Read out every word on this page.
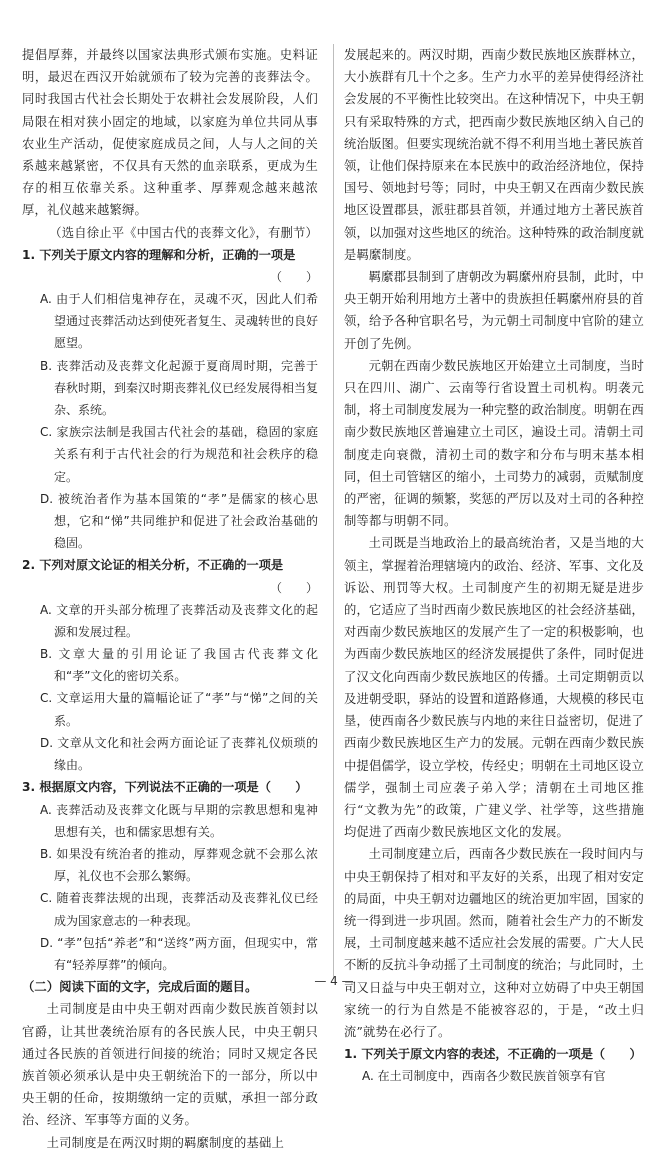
提倡厚葬，并最终以国家法典形式颁布实施。史料证明，最迟在西汉开始就颁布了较为完善的丧葬法令。同时我国古代社会长期处于农耕社会发展阶段，人们局限在相对狭小固定的地域，以家庭为单位共同从事农业生产活动，促使家庭成员之间，人与人之间的关系越来越紧密，不仅具有天然的血亲联系，更成为生存的相互依靠关系。这种重孝、厚葬观念越来越浓厚，礼仪越来越繁缛。

（选自徐止平《中国古代的丧葬文化》，有删节）

1. 下列关于原文内容的理解和分析，正确的一项是

（　　）

A. 由于人们相信鬼神存在，灵魂不灭，因此人们希望通过丧葬活动达到使死者复生、灵魂转世的良好愿望。

B. 丧葬活动及丧葬文化起源于夏商周时期，完善于春秋时期，到秦汉时期丧葬礼仪已经发展得相当复杂、系统。

C. 家族宗法制是我国古代社会的基础，稳固的家庭关系有利于古代社会的行为规范和社会秩序的稳定。

D. 被统治者作为基本国策的“孝”是儒家的核心思想，它和“悌”共同维护和促进了社会政治基础的稳固。

2. 下列对原文论证的相关分析，不正确的一项是

（　　）

A. 文章的开头部分梳理了丧葬活动及丧葬文化的起源和发展过程。

B. 文章大量的引用论证了我国古代丧葬文化和“孝”文化的密切关系。

C. 文章运用大量的篇幅论证了“孝”与“悌”之间的关系。

D. 文章从文化和社会两方面论证了丧葬礼仪烦琐的缘由。

3. 根据原文内容，下列说法不正确的一项是（　　）

A. 丧葬活动及丧葬文化既与早期的宗教思想和鬼神思想有关，也和儒家思想有关。

B. 如果没有统治者的推动，厚葬观念就不会那么浓厚，礼仪也不会那么繁缛。

C. 随着丧葬法规的出现，丧葬活动及丧葬礼仪已经成为国家意志的一种表现。

D. “孝”包括“养老”和“送终”两方面，但现实中，常有“轻养厚葬”的倾向。

（二）阅读下面的文字，完成后面的题目。

土司制度是由中央王朝对西南少数民族首领封以官爵，让其世袭统治原有的各民族人民，中央王朝只通过各民族的首领进行间接的统治；同时又规定各民族首领必须承认是中央王朝统治下的一部分，所以中央王朝的任命，按期缴纳一定的贡赋，承担一部分政治、经济、军事等方面的义务。

土司制度是在两汉时期的羁縻制度的基础上

发展起来的。两汉时期，西南少数民族地区族群林立，大小族群有几十个之多。生产力水平的差异使得经济社会发展的不平衡性比较突出。在这种情况下，中央王朝只有采取特殊的方式，把西南少数民族地区纳入自己的统治版图。但要实现统治就不得不利用当地土著民族首领，让他们保持原来在本民族中的政治经济地位，保持国号、领地封号等；同时，中央王朝又在西南少数民族地区设置郡县，派驻郡县首领，并通过地方土著民族首领，以加强对这些地区的统治。这种特殊的政治制度就是羁縻制度。

羁縻郡县制到了唐朝改为羁縻州府县制，此时，中央王朝开始利用地方土著中的贵族担任羁縻州府县的首领，给予各种官职名号，为元朝土司制度中官阶的建立开创了先例。

元朝在西南少数民族地区开始建立土司制度，当时只在四川、湖广、云南等行省设置土司机构。明袭元制，将土司制度发展为一种完整的政治制度。明朝在西南少数民族地区普遍建立土司区，遍设土司。清朝土司制度走向衰微，清初土司的数字和分布与明末基本相同，但土司管辖区的缩小，土司势力的减弱，贡赋制度的严密，征调的频繁，奖惩的严厉以及对土司的各种控制等都与明朝不同。

土司既是当地政治上的最高统治者，又是当地的大领主，掌握着治理辖境内的政治、经济、军事、文化及诉讼、刑罚等大权。土司制度产生的初期无疑是进步的，它适应了当时西南少数民族地区的社会经济基础，对西南少数民族地区的发展产生了一定的积极影响，也为西南少数民族地区的经济发展提供了条件，同时促进了汉文化向西南少数民族地区的传播。土司定期朝贡以及进朝受职，驿站的设置和道路修通，大规模的移民屯垦，使西南各少数民族与内地的来往日益密切，促进了西南少数民族地区生产力的发展。元朝在西南少数民族中提倡儒学，设立学校，传经史；明朝在土司地区设立儒学，强制土司应袭子弟入学；清朝在土司地区推行“文教为先”的政策，广建义学、社学等，这些措施均促进了西南少数民族地区文化的发展。

土司制度建立后，西南各少数民族在一段时间内与中央王朝保持了相对和平友好的关系，出现了相对安定的局面，中央王朝对边疆地区的统治更加牢固，国家的统一得到进一步巩固。然而，随着社会生产力的不断发展，土司制度越来越不适应社会发展的需要。广大人民不断的反抗斗争动摇了土司制度的统治；与此同时，土司又日益与中央王朝对立，这种对立妨碍了中央王朝国家统一的行为自然是不能被容忍的，于是，“改土归流”就势在必行了。

1. 下列关于原文内容的表述，不正确的一项是（　　）

A. 在土司制度中，西南各少数民族首领享有官

— 4 —
